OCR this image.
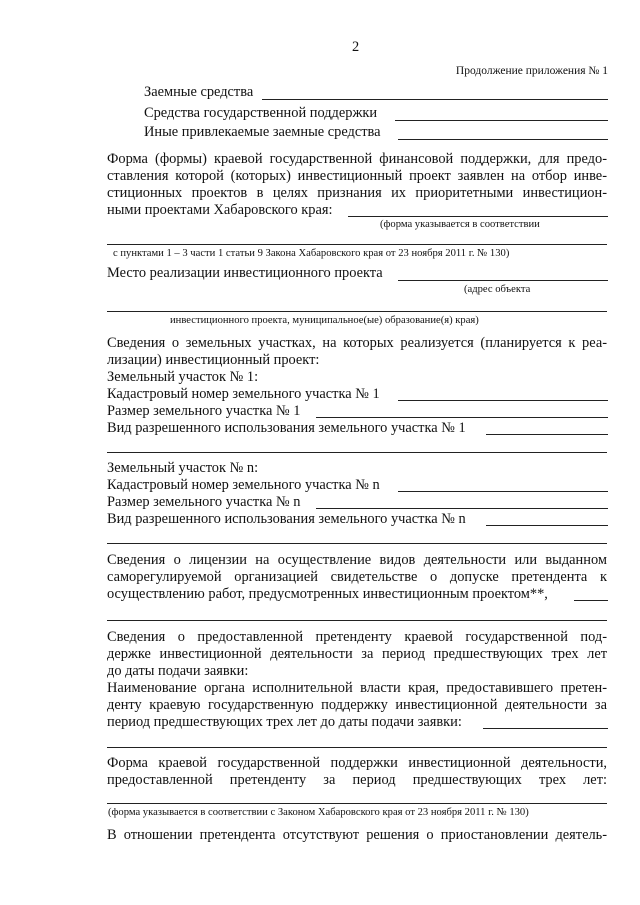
2
Продолжение приложения № 1
Заемные средства
Средства государственной поддержки
Иные привлекаемые заемные средства
Форма (формы) краевой государственной финансовой поддержки, для предо-
ставления которой (которых) инвестиционный проект заявлен на отбор инве-
стиционных проектов в целях признания их приоритетными инвестицион-
ными проектами Хабаровского края:
(форма указывается в соответствии
с пунктами 1 – 3 части 1 статьи 9 Закона Хабаровского края от 23 ноября 2011 г. № 130)
Место реализации инвестиционного проекта
(адрес объекта
инвестиционного проекта, муниципальное(ые) образование(я) края)
Сведения о земельных участках, на которых реализуется (планируется к реа-
лизации) инвестиционный проект:
Земельный участок № 1:
Кадастровый номер земельного участка № 1
Размер земельного участка № 1
Вид разрешенного использования земельного участка № 1
Земельный участок № n:
Кадастровый номер земельного участка № n
Размер земельного участка № n
Вид разрешенного использования земельного участка № n
Сведения о лицензии на осуществление видов деятельности или выданном
саморегулируемой организацией свидетельстве о допуске претендента к
осуществлению работ, предусмотренных инвестиционным проектом**,
Сведения о предоставленной претенденту краевой государственной под-
держке инвестиционной деятельности за период предшествующих трех лет
до даты подачи заявки:
Наименование органа исполнительной власти края, предоставившего претен-
денту краевую государственную поддержку инвестиционной деятельности за
период предшествующих трех лет до даты подачи заявки:
Форма краевой государственной поддержки инвестиционной деятельности,
предоставленной претенденту за период предшествующих трех лет:
(форма указывается в соответствии с Законом Хабаровского края от 23 ноября 2011 г. № 130)
В отношении претендента отсутствуют решения о приостановлении деятель-
